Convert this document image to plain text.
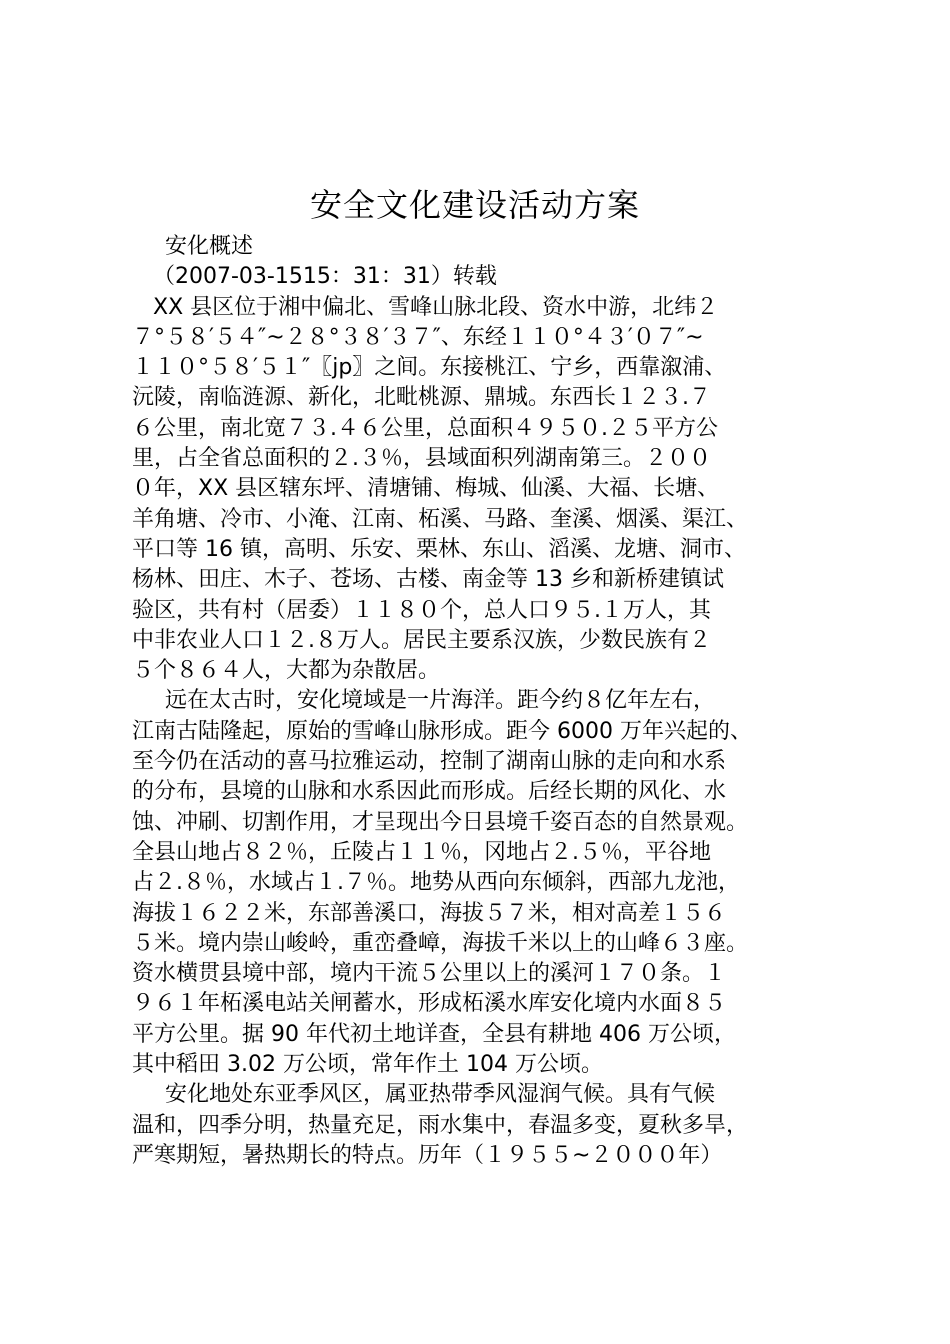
安全文化建设活动方案
安化概述
（2007-03-1515：31：31）转载
XX 县区位于湘中偏北、雪峰山脉北段、资水中游，北纬２
７°５８′５４″~２８°３８′３７″、东经１１０°４３′０７″~
１１０°５８′５１″〖jp〗之间。东接桃江、宁乡，西靠溆浦、
沅陵，南临涟源、新化，北毗桃源、鼎城。东西长１２３.７
６公里，南北宽７３.４６公里，总面积４９５０.２５平方公
里，占全省总面积的２.３％，县域面积列湖南第三。２００
０年，XX 县区辖东坪、清塘铺、梅城、仙溪、大福、长塘、
羊角塘、冷市、小淹、江南、柘溪、马路、奎溪、烟溪、渠江、
平口等 16 镇，高明、乐安、栗林、东山、滔溪、龙塘、洞市、
杨林、田庄、木子、苍场、古楼、南金等 13 乡和新桥建镇试
验区，共有村（居委）１１８０个，总人口９５.１万人，其
中非农业人口１２.８万人。居民主要系汉族，少数民族有２
５个８６４人，大都为杂散居。
远在太古时，安化境域是一片海洋。距今约８亿年左右，
江南古陆隆起，原始的雪峰山脉形成。距今 6000 万年兴起的、
至今仍在活动的喜马拉雅运动，控制了湖南山脉的走向和水系
的分布，县境的山脉和水系因此而形成。后经长期的风化、水
蚀、冲刷、切割作用，才呈现出今日县境千姿百态的自然景观。
全县山地占８２％，丘陵占１１％，冈地占２.５％，平谷地
占２.８％，水域占１.７％。地势从西向东倾斜，西部九龙池，
海拔１６２２米，东部善溪口，海拔５７米，相对高差１５６
５米。境内崇山峻岭，重峦叠嶂，海拔千米以上的山峰６３座。
资水横贯县境中部，境内干流５公里以上的溪河１７０条。１
９６１年柘溪电站关闸蓄水，形成柘溪水库安化境内水面８５
平方公里。据 90 年代初土地详查，全县有耕地 406 万公顷，
其中稻田 3.02 万公顷，常年作土 104 万公顷。
安化地处东亚季风区，属亚热带季风湿润气候。具有气候
温和，四季分明，热量充足，雨水集中，春温多变，夏秋多旱，
严寒期短，暑热期长的特点。历年（１９５５~２０００年）
